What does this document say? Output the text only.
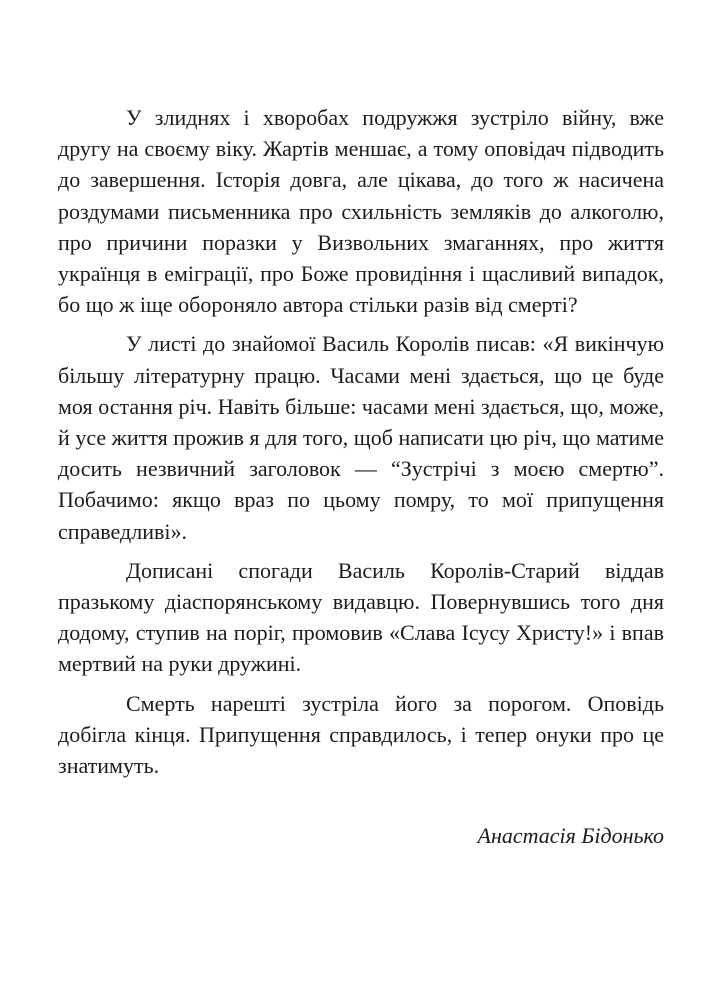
У злиднях і хворобах подружжя зустріло війну, вже другу на своєму віку. Жартів меншає, а тому оповідач підводить до завершення. Історія довга, але цікава, до того ж насичена роздумами письменника про схильність земляків до алкоголю, про причини поразки у Визвольних змаганнях, про життя українця в еміграції, про Боже провидіння і щасливий випадок, бо що ж іще обороняло автора стільки разів від смерті?

У листі до знайомої Василь Королів писав: «Я викінчую більшу літературну працю. Часами мені здається, що це буде моя остання річ. Навіть більше: часами мені здається, що, може, й усе життя прожив я для того, щоб написати цю річ, що матиме досить незвичний заголовок — “Зустрічі з моєю смертю”. Побачимо: якщо враз по цьому помру, то мої припущення справедливі».

Дописані спогади Василь Королів-Старий віддав празькому діаспорянському видавцю. Повернувшись того дня додому, ступив на поріг, промовив «Слава Ісусу Христу!» і впав мертвий на руки дружині.

Смерть нарешті зустріла його за порогом. Оповідь добігла кінця. Припущення справдилось, і тепер онуки про це знатимуть.

Анастасія Бідонько
